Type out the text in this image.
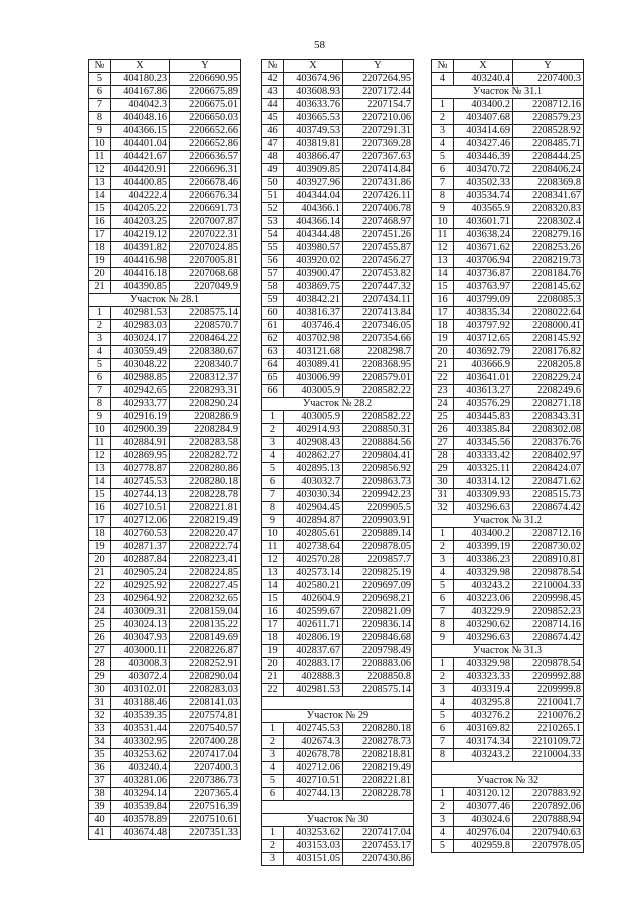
58
№	X	Y
5	404180.23	2206690.95
6	404167.86	2206675.89
7	404042.3	2206675.01
8	404048.16	2206650.03
9	404366.15	2206652.66
10	404401.04	2206652.86
11	404421.67	2206636.57
12	404420.91	2206696.31
13	404400.85	2206678.46
14	404222.4	2206676.34
15	404205.22	2206691.73
16	404203.25	2207007.87
17	404219.12	2207022.31
18	404391.82	2207024.85
19	404416.98	2207005.81
20	404416.18	2207068.68
21	404390.85	2207049.9
Участок № 28.1		
1	402981.53	2208575.14
2	402983.03	2208570.7
3	403024.17	2208464.22
4	403059.49	2208380.67
5	403048.22	2208340.7
6	402988.85	2208312.37
7	402942.65	2208293.31
8	402933.77	2208290.24
9	402916.19	2208286.9
10	402900.39	2208284.9
11	402884.91	2208283.58
12	402869.95	2208282.72
13	402778.87	2208280.86
14	402745.53	2208280.18
15	402744.13	2208228.78
16	402710.51	2208221.81
17	402712.06	2208219.49
18	402760.53	2208220.47
19	402871.37	2208222.74
20	402887.84	2208223.41
21	402905.24	2208224.85
22	402925.92	2208227.45
23	402964.92	2208232.65
24	403009.31	2208159.04
25	403024.13	2208135.22
26	403047.93	2208149.69
27	403000.11	2208226.87
28	403008.3	2208252.91
29	403072.4	2208290.04
30	403102.01	2208283.03
31	403188.46	2208141.03
32	403539.35	2207574.81
33	403531.44	2207540.57
34	403302.95	2207400.28
35	403253.62	2207417.04
36	403240.4	2207400.3
37	403281.06	2207386.73
38	403294.14	2207365.4
39	403539.84	2207516.39
40	403578.89	2207510.61
41	403674.48	2207351.33
№	X	Y
42	403674.96	2207264.95
43	403608.93	2207172.44
44	403633.76	2207154.7
45	403665.53	2207210.06
46	403749.53	2207291.31
47	403819.81	2207369.28
48	403866.47	2207367.63
49	403909.85	2207414.84
50	403927.96	2207431.86
51	404344.04	2207426.11
52	404366.1	2207406.78
53	404366.14	2207468.97
54	404344.48	2207451.26
55	403980.57	2207455.87
56	403920.02	2207456.27
57	403900.47	2207453.82
58	403869.75	2207447.32
59	403842.21	2207434.11
60	403816.37	2207413.84
61	403746.4	2207346.05
62	403702.98	2207354.66
63	403121.68	2208298.7
64	403089.41	2208368.95
65	403006.99	2208579.01
66	403005.9	2208582.22
Участок № 28.2		
1	403005.9	2208582.22
2	402914.93	2208850.31
3	402908.43	2208884.56
4	402862.27	2209804.41
5	402895.13	2209856.92
6	403032.7	2209863.73
7	403030.34	2209942.23
8	402904.45	2209905.5
9	402894.87	2209903.91
10	402805.61	2209889.14
11	402738.64	2209878.05
12	402570.28	2209857.7
13	402573.14	2209825.19
14	402580.21	2209697.09
15	402604.9	2209698.21
16	402599.67	2209821.09
17	402611.71	2209836.14
18	402806.19	2209846.68
19	402837.67	2209798.49
20	402883.17	2208883.06
21	402888.3	2208850.8
22	402981.53	2208575.14

Участок № 29		
1	402745.53	2208280.18
2	402674.3	2208278.73
3	402678.78	2208218.81
4	402712.06	2208219.49
5	402710.51	2208221.81
6	402744.13	2208228.78

Участок № 30		
1	403253.62	2207417.04
2	403153.03	2207453.17
3	403151.05	2207430.86
№	X	Y
4	403240.4	2207400.3
Участок № 31.1		
1	403400.2	2208712.16
2	403407.68	2208579.23
3	403414.69	2208528.92
4	403427.46	2208485.71
5	403446.39	2208444.25
6	403470.72	2208406.24
7	403502.33	2208369.8
8	403534.74	2208341.67
9	403565.9	2208320.83
10	403601.71	2208302.4
11	403638.24	2208279.16
12	403671.62	2208253.26
13	403706.94	2208219.73
14	403736.87	2208184.76
15	403763.97	2208145.62
16	403799.09	2208085.3
17	403835.34	2208022.64
18	403797.92	2208000.41
19	403712.65	2208145.92
20	403692.79	2208176.82
21	403666.9	2208205.8
22	403641.01	2208229.24
23	403613.27	2208249.6
24	403576.29	2208271.18
25	403445.83	2208343.31
26	403385.84	2208302.08
27	403345.56	2208376.76
28	403333.42	2208402.97
29	403325.11	2208424.07
30	403314.12	2208471.62
31	403309.93	2208515.73
32	403296.63	2208674.42
Участок № 31.2		
1	403400.2	2208712.16
2	403399.19	2208730.02
3	403386.23	2208910.81
4	403329.98	2209878.54
5	403243.2	2210004.33
6	403223.06	2209998.45
7	403229.9	2209852.23
8	403290.62	2208714.16
9	403296.63	2208674.42
Участок № 31.3		
1	403329.98	2209878.54
2	403323.33	2209992.88
3	403319.4	2209999.8
4	403295.8	2210041.7
5	403276.2	2210076.2
6	403169.82	2210265.1
7	403174.34	2210109.72
8	403243.2	2210004.33

Участок № 32		
1	403120.12	2207883.92
2	403077.46	2207892.06
3	403024.6	2207888.94
4	402976.04	2207940.63
5	402959.8	2207978.05
